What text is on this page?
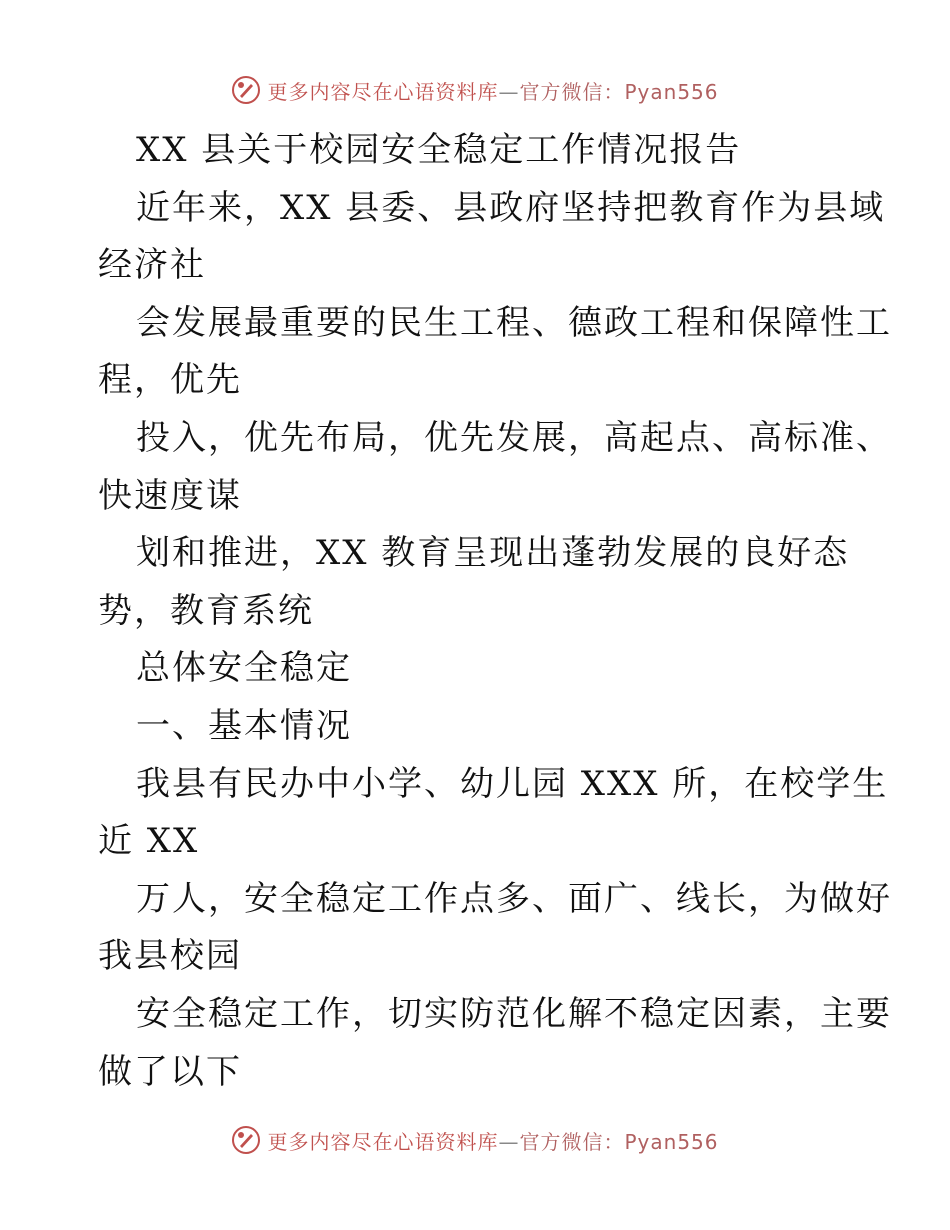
更多内容尽在心语资料库—官方微信：Pyan556
XX 县关于校园安全稳定工作情况报告
近年来，XX 县委、县政府坚持把教育作为县域
经济社
会发展最重要的民生工程、德政工程和保障性工
程，优先
投入，优先布局，优先发展，高起点、高标准、
快速度谋
划和推进，XX 教育呈现出蓬勃发展的良好态
势，教育系统
总体安全稳定
一、基本情况
我县有民办中小学、幼儿园 XXX 所，在校学生
近 XX
万人，安全稳定工作点多、面广、线长，为做好
我县校园
安全稳定工作，切实防范化解不稳定因素，主要
做了以下
更多内容尽在心语资料库—官方微信：Pyan556
